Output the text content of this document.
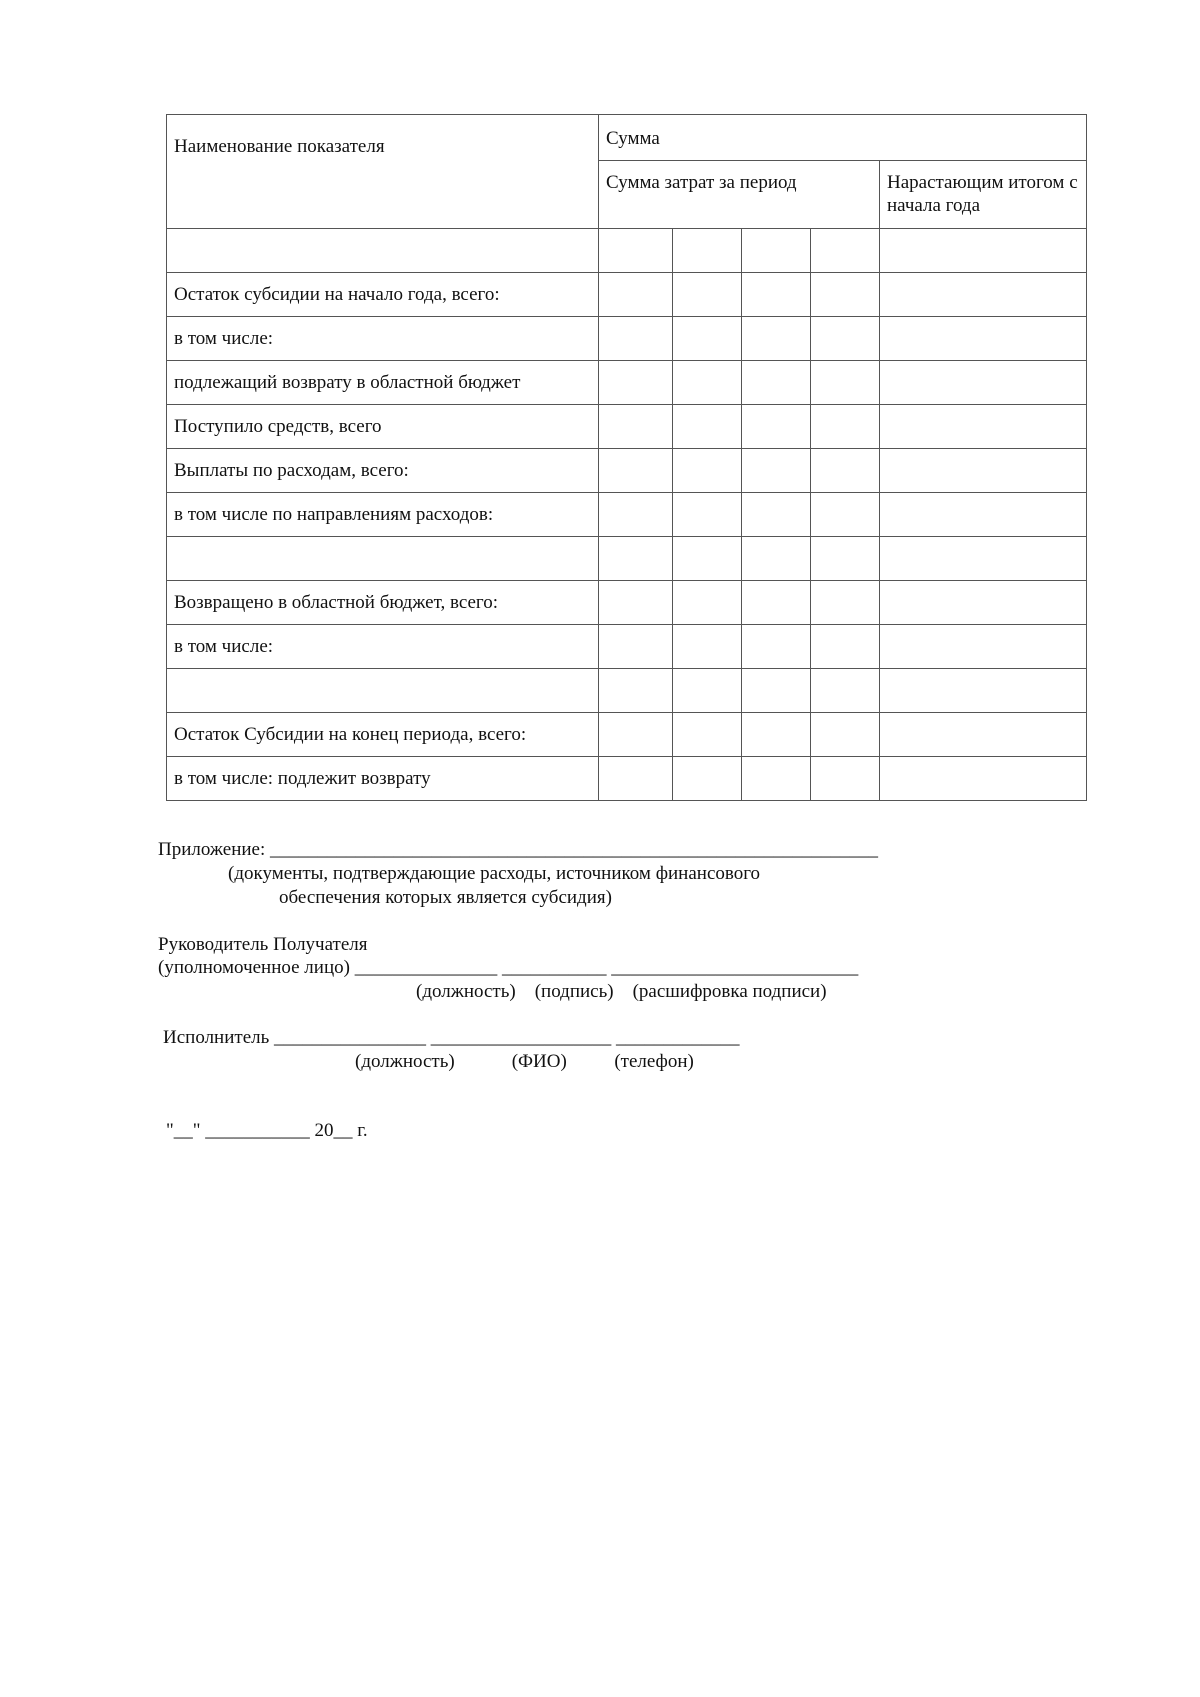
Наименование показателя	Сумма				
	Сумма затрат за период				Нарастающим итогом с начала года

Остаток субсидии на начало года, всего:					
в том числе:					
подлежащий возврату в областной бюджет					
Поступило средств, всего					
Выплаты по расходам, всего:					
в том числе по направлениям расходов:					

Возвращено в областной бюджет, всего:					
в том числе:					

Остаток Субсидии на конец периода, всего:					
в том числе: подлежит возврату					
Приложение: ________________________________________________________________
(документы, подтверждающие расходы, источником финансового
обеспечения которых является субсидия)
Руководитель Получателя
(уполномоченное лицо) _______________ ___________ __________________________
(должность)    (подпись)    (расшифровка подписи)
Исполнитель ________________ ___________________ _____________
(должность)            (ФИО)          (телефон)
"__" ___________ 20__ г.
